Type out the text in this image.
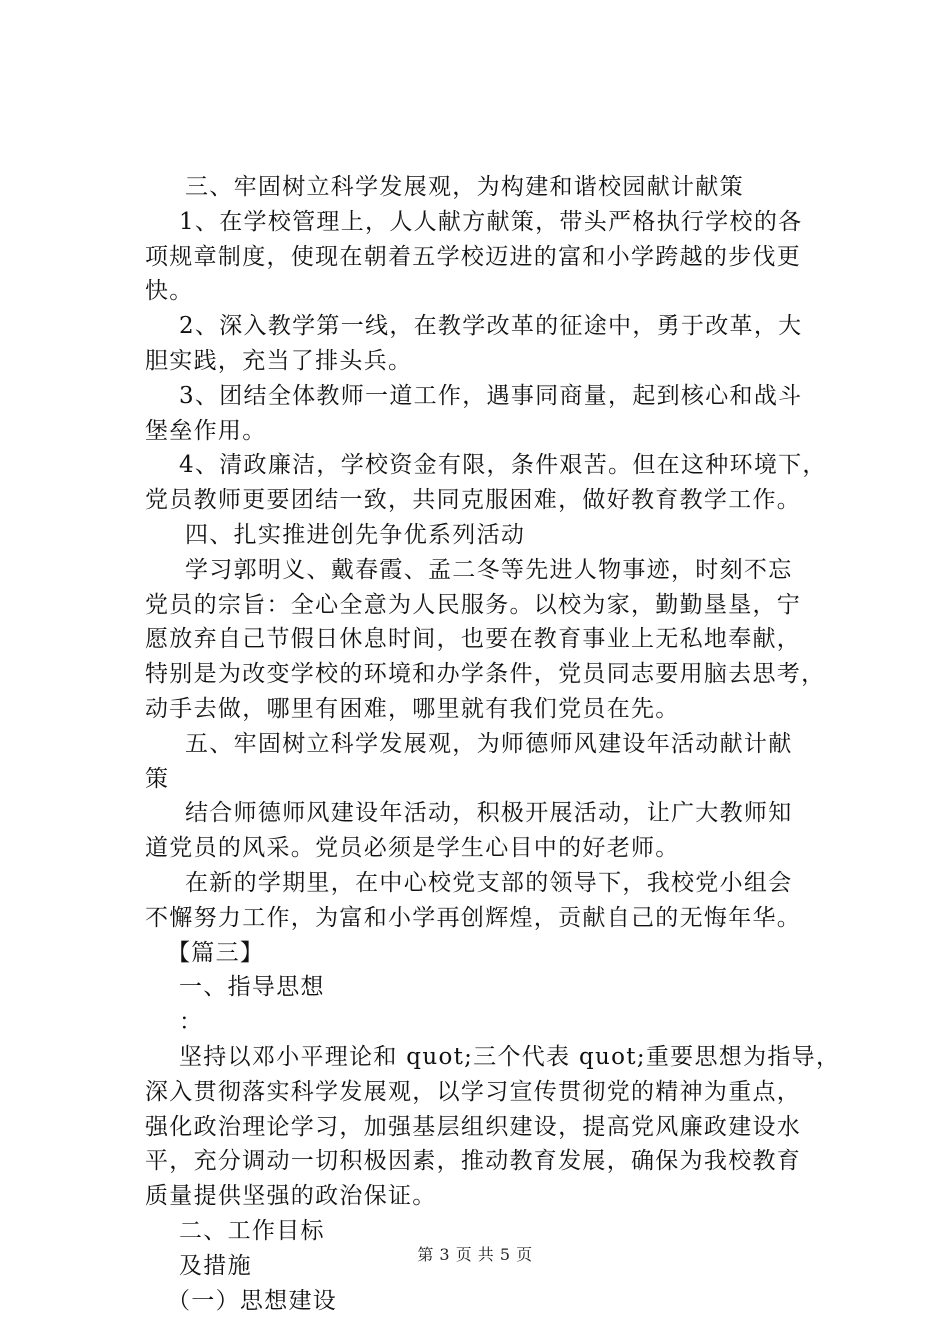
三、牢固树立科学发展观，为构建和谐校园献计献策
1、在学校管理上，人人献方献策，带头严格执行学校的各
项规章制度，使现在朝着五学校迈进的富和小学跨越的步伐更
快。
2、深入教学第一线，在教学改革的征途中，勇于改革，大
胆实践，充当了排头兵。
3、团结全体教师一道工作，遇事同商量，起到核心和战斗
堡垒作用。
4、清政廉洁，学校资金有限，条件艰苦。但在这种环境下，
党员教师更要团结一致，共同克服困难，做好教育教学工作。
四、扎实推进创先争优系列活动
学习郭明义、戴春霞、孟二冬等先进人物事迹，时刻不忘
党员的宗旨：全心全意为人民服务。以校为家，勤勤垦垦，宁
愿放弃自己节假日休息时间，也要在教育事业上无私地奉献，
特别是为改变学校的环境和办学条件，党员同志要用脑去思考，
动手去做，哪里有困难，哪里就有我们党员在先。
五、牢固树立科学发展观，为师德师风建设年活动献计献
策
结合师德师风建设年活动，积极开展活动，让广大教师知
道党员的风采。党员必须是学生心目中的好老师。
在新的学期里，在中心校党支部的领导下，我校党小组会
不懈努力工作，为富和小学再创辉煌，贡献自己的无悔年华。
【篇三】
一、指导思想
：
坚持以邓小平理论和 quot;三个代表 quot;重要思想为指导，
深入贯彻落实科学发展观，以学习宣传贯彻党的精神为重点，
强化政治理论学习，加强基层组织建设，提高党风廉政建设水
平，充分调动一切积极因素，推动教育发展，确保为我校教育
质量提供坚强的政治保证。
二、工作目标
及措施
（一）思想建设
第 3 页 共 5 页
